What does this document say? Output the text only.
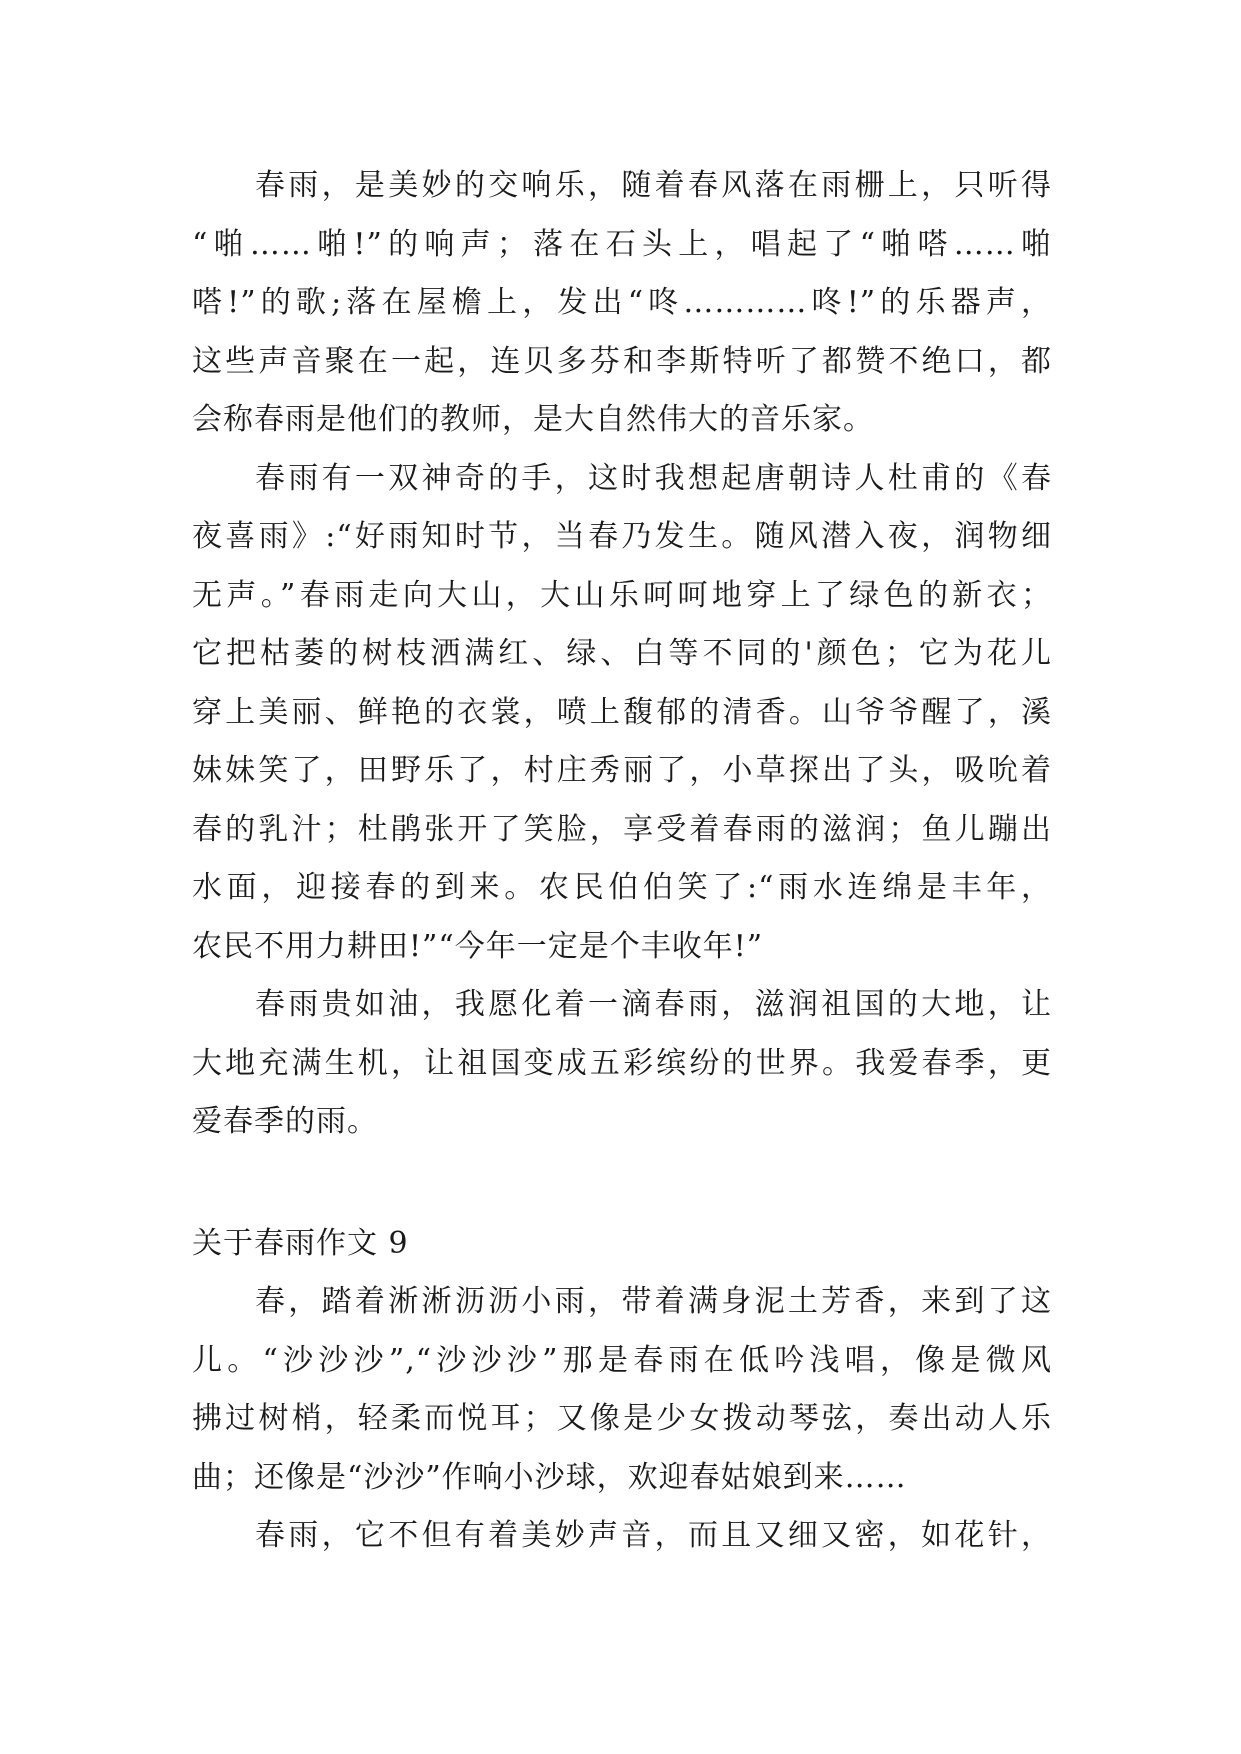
春雨，是美妙的交响乐，随着春风落在雨栅上，只听得
“啪……啪!”的响声；落在石头上，唱起了“啪嗒……啪
嗒!”的歌;落在屋檐上，发出“咚…………咚!”的乐器声，
这些声音聚在一起，连贝多芬和李斯特听了都赞不绝口，都
会称春雨是他们的教师，是大自然伟大的音乐家。
春雨有一双神奇的手，这时我想起唐朝诗人杜甫的《春
夜喜雨》:“好雨知时节，当春乃发生。随风潜入夜，润物细
无声。”春雨走向大山，大山乐呵呵地穿上了绿色的新衣；
它把枯萎的树枝洒满红、绿、白等不同的'颜色；它为花儿
穿上美丽、鲜艳的衣裳，喷上馥郁的清香。山爷爷醒了，溪
妹妹笑了，田野乐了，村庄秀丽了，小草探出了头，吸吮着
春的乳汁；杜鹃张开了笑脸，享受着春雨的滋润；鱼儿蹦出
水面，迎接春的到来。农民伯伯笑了:“雨水连绵是丰年，
农民不用力耕田!”“今年一定是个丰收年!”
春雨贵如油，我愿化着一滴春雨，滋润祖国的大地，让
大地充满生机，让祖国变成五彩缤纷的世界。我爱春季，更
爱春季的雨。
关于春雨作文 9
春，踏着淅淅沥沥小雨，带着满身泥土芳香，来到了这
儿。“沙沙沙”,“沙沙沙”那是春雨在低吟浅唱，像是微风
拂过树梢，轻柔而悦耳；又像是少女拨动琴弦，奏出动人乐
曲；还像是“沙沙”作响小沙球，欢迎春姑娘到来……
春雨，它不但有着美妙声音，而且又细又密，如花针，
